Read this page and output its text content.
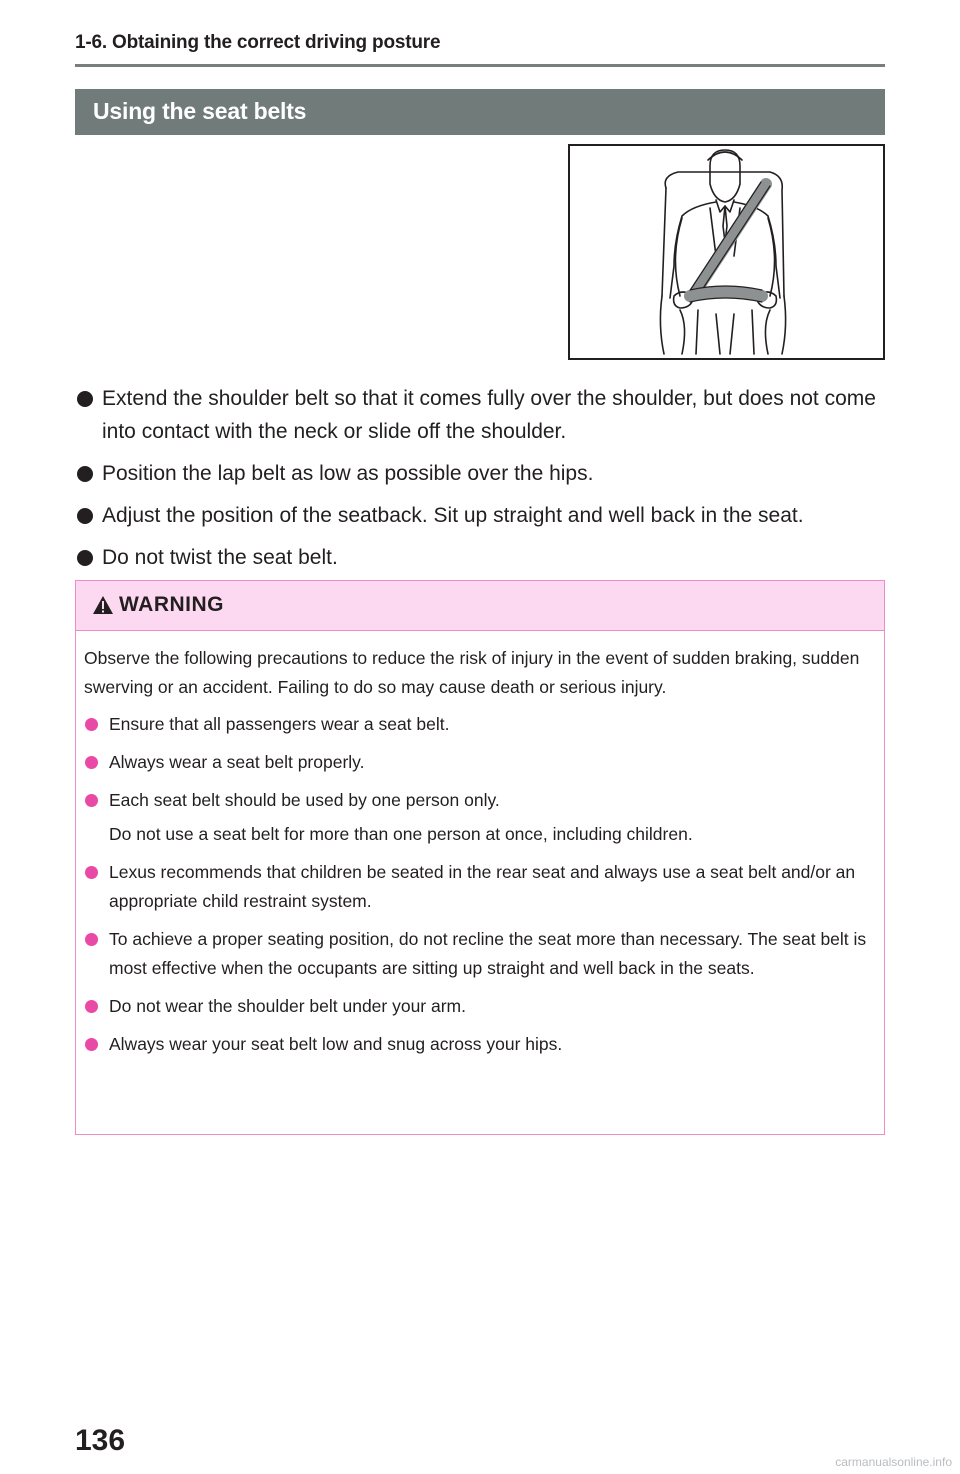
1-6. Obtaining the correct driving posture
Using the seat belts
Extend the shoulder belt so that it comes fully over the shoulder, but does not come into contact with the neck or slide off the shoulder.
Position the lap belt as low as possible over the hips.
Adjust the position of the seatback. Sit up straight and well back in the seat.
Do not twist the seat belt.
WARNING

Observe the following precautions to reduce the risk of injury in the event of sudden braking, sudden swerving or an accident. Failing to do so may cause death or serious injury.

Ensure that all passengers wear a seat belt.
Always wear a seat belt properly.
Each seat belt should be used by one person only.
Do not use a seat belt for more than one person at once, including children.
Lexus recommends that children be seated in the rear seat and always use a seat belt and/or an appropriate child restraint system.
To achieve a proper seating position, do not recline the seat more than necessary. The seat belt is most effective when the occupants are sitting up straight and well back in the seats.
Do not wear the shoulder belt under your arm.
Always wear your seat belt low and snug across your hips.
136
carmanualsonline.info
